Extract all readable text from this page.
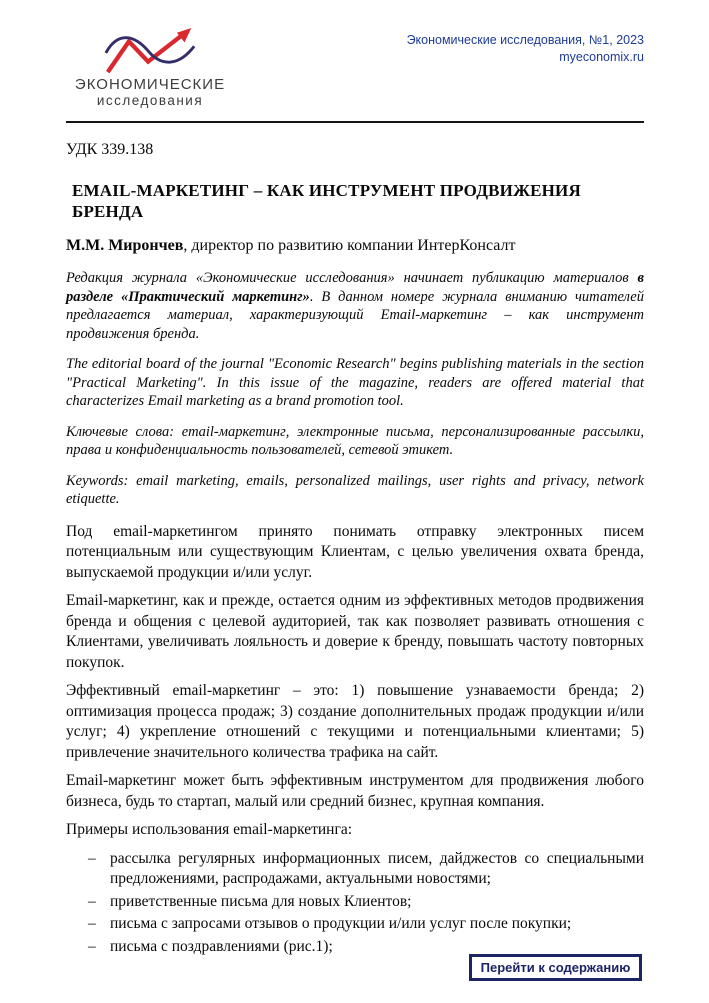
ЭКОНОМИЧЕСКИЕ
исследования
Экономические исследования, №1, 2023
myeconomix.ru

УДК 339.138

EMAIL-МАРКЕТИНГ – КАК ИНСТРУМЕНТ ПРОДВИЖЕНИЯ БРЕНДА

М.М. Мирончев, директор по развитию компании ИнтерКонсалт

Редакция журнала «Экономические исследования» начинает публикацию материалов в разделе «Практический маркетинг». В данном номере журнала вниманию читателей предлагается материал, характеризующий Email-маркетинг – как инструмент продвижения бренда.

The editorial board of the journal "Economic Research" begins publishing materials in the section "Practical Marketing". In this issue of the magazine, readers are offered material that characterizes Email marketing as a brand promotion tool.

Ключевые слова: email-маркетинг, электронные письма, персонализированные рассылки, права и конфиденциальность пользователей, сетевой этикет.

Keywords: email marketing, emails, personalized mailings, user rights and privacy, network etiquette.

Под email-маркетингом принято понимать отправку электронных писем потенциальным или существующим Клиентам, с целью увеличения охвата бренда, выпускаемой продукции и/или услуг.

Email-маркетинг, как и прежде, остается одним из эффективных методов продвижения бренда и общения с целевой аудиторией, так как позволяет развивать отношения с Клиентами, увеличивать лояльность и доверие к бренду, повышать частоту повторных покупок.

Эффективный email-маркетинг – это: 1) повышение узнаваемости бренда; 2) оптимизация процесса продаж; 3) создание дополнительных продаж продукции и/или услуг; 4) укрепление отношений с текущими и потенциальными клиентами; 5) привлечение значительного количества трафика на сайт.

Email-маркетинг может быть эффективным инструментом для продвижения любого бизнеса, будь то стартап, малый или средний бизнес, крупная компания.

Примеры использования email-маркетинга:

– рассылка регулярных информационных писем, дайджестов со специальными предложениями, распродажами, актуальными новостями;
– приветственные письма для новых Клиентов;
– письма с запросами отзывов о продукции и/или услуг после покупки;
– письма с поздравлениями (рис.1);
Перейти к содержанию
